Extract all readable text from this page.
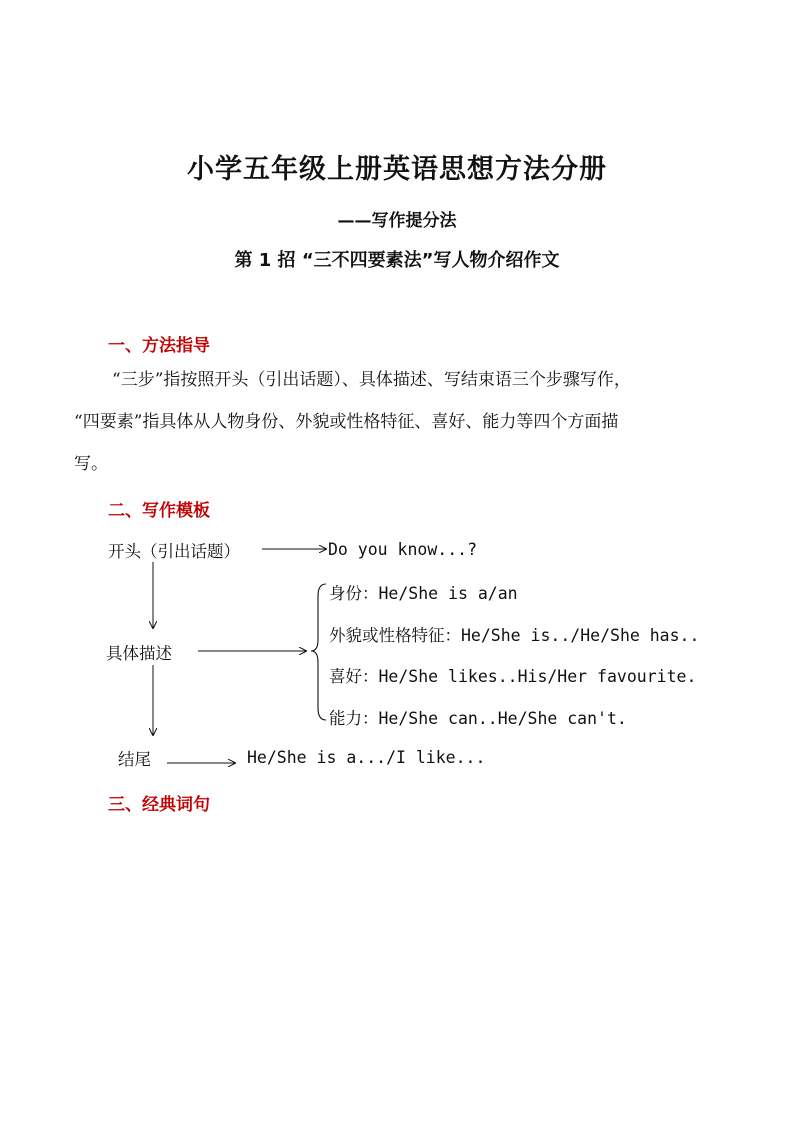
小学五年级上册英语思想方法分册
——写作提分法
第 1 招 “三不四要素法”写人物介绍作文
一、方法指导
“三步”指按照开头（引出话题）、具体描述、写结束语三个步骤写作，
“四要素”指具体从人物身份、外貌或性格特征、喜好、能力等四个方面描
写。
二、写作模板
开头（引出话题）	Do you know...?
具体描述
身份：He/She is a/an
外貌或性格特征：He/She is../He/She has..
喜好：He/She likes..His/Her favourite.
能力：He/She can..He/She can't.
结尾	He/She is a.../I like...
三、经典词句
